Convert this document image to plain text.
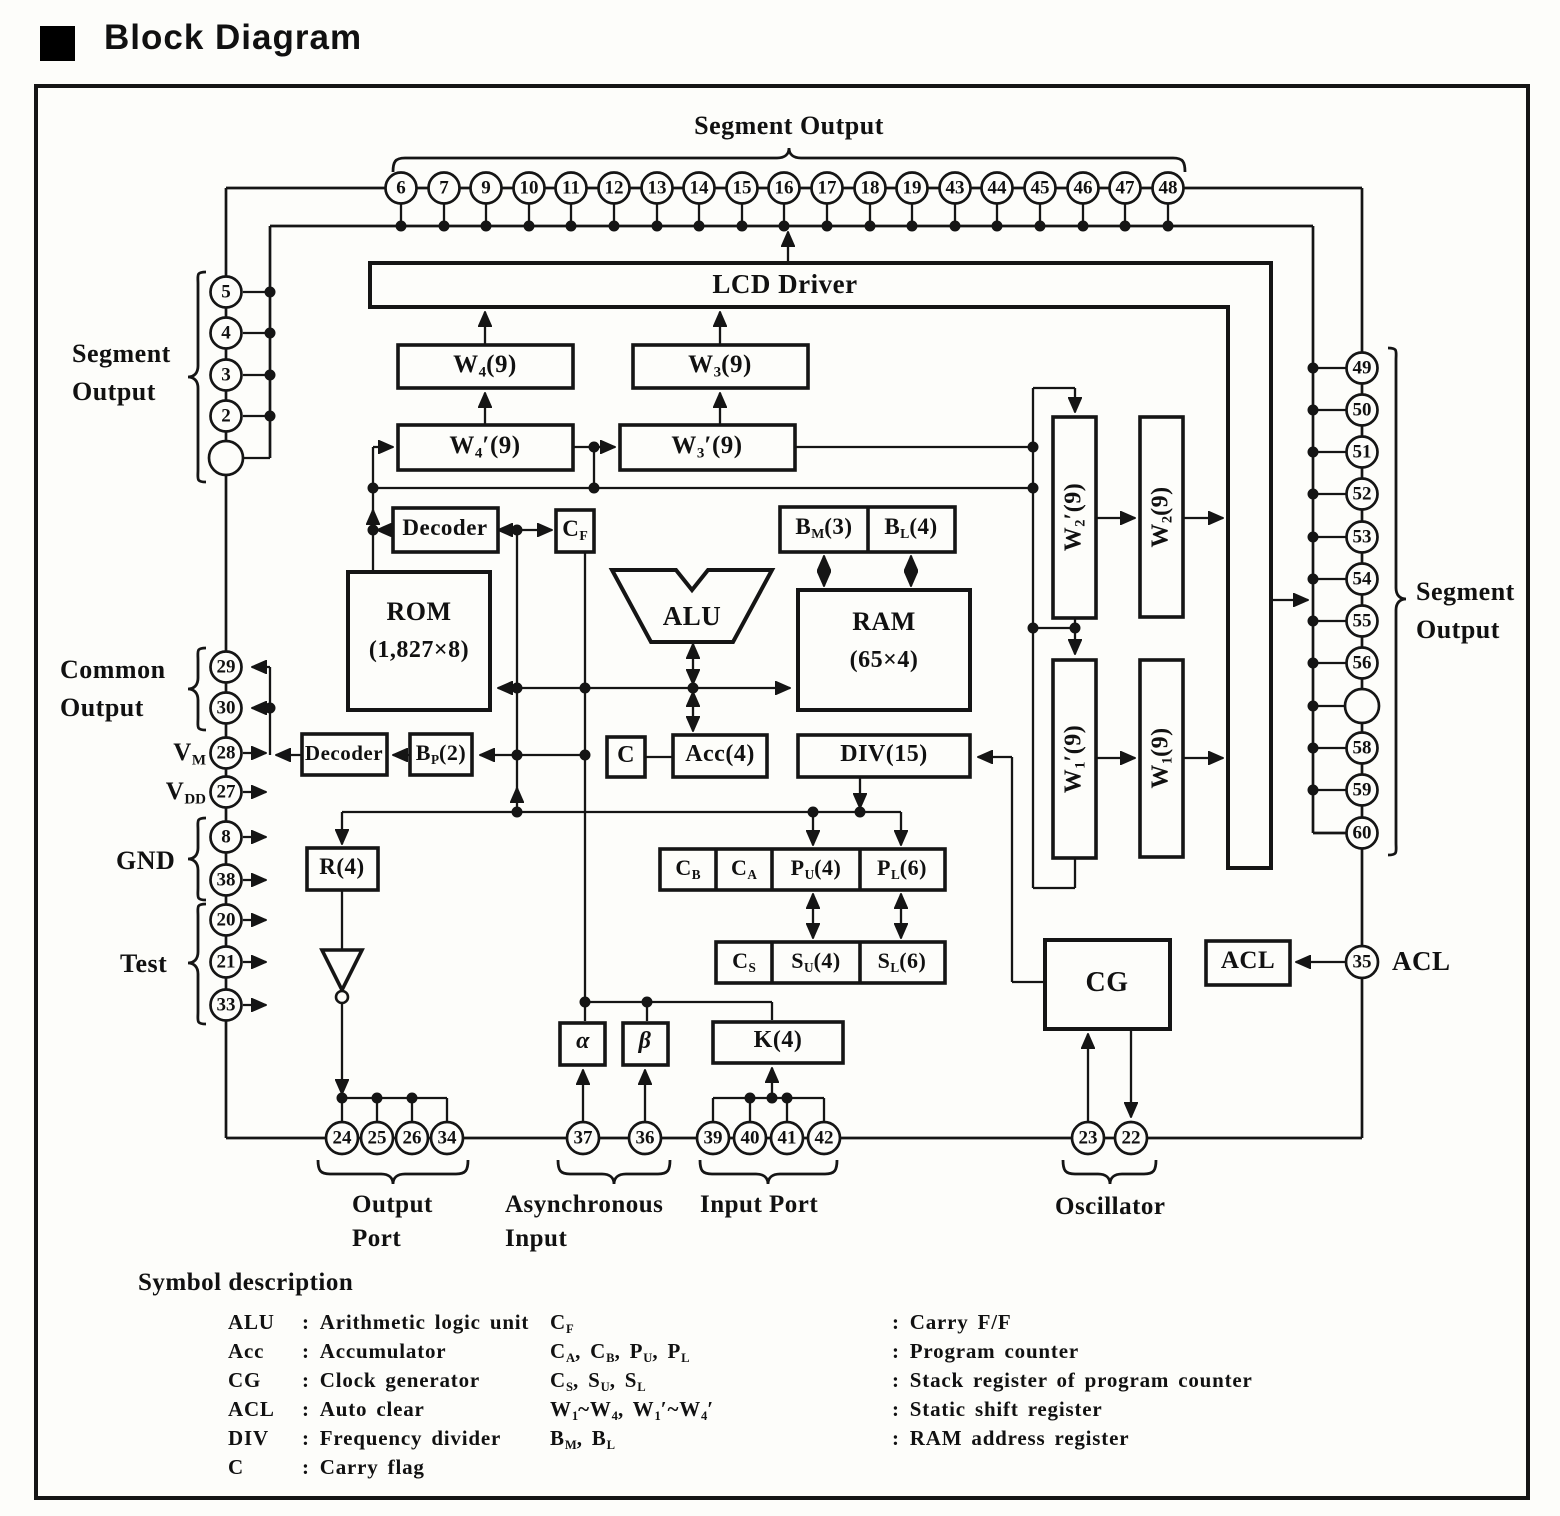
6 7 9 10 11 12 13 14 15 16 17 18 19 43 44 45 46 47 48
5
4
3
2
29
30
28
27
8
38
20
21
33
49
50
51
52
53
54
55
56
58
59
60
35
24 25 26 34	37 36	39 40 41 42	23 22
Block Diagram
Segment Output
Segment
Output
Common
Output
$V_M$
$V_{DD}$
GND
Test
Segment
Output
ACL
Output
Port
Asynchronous
Input
Input Port	Oscillator
LCD Driver
$W_4(9)$	$W_3(9)$
$W_4'(9)$	$W_3'(9)$
Decoder	$C_F$	$B_M(3)$ $B_L(4)$
ROM
(1,827×8)
ALU	RAM
(65×4)
Decoder $B_P(2)$	C Acc(4)	DIV(15)
R(4)	$C_B$ $C_A$ $P_U(4)$ $P_L(6)$
$C_S$ $S_U(4)$ $S_L(6)$
α β	K(4)
CG
ACL
$W_2'(9)$
$W_2(9)$
$W_1'(9)$
$W_1(9)$
Symbol description
ALU	: Arithmetic logic unit
Acc	: Accumulator
CG	: Clock generator
ACL	: Auto clear
DIV	: Frequency divider
C	: Carry flag
$C_F$	: Carry F/F
$C_A$, $C_B$, $P_U$, $P_L$	: Program counter
$C_S$, $S_U$, $S_L$	: Stack register of program counter
$W_1\sim W_4$, $W_1'\sim W_4'$	: Static shift register
$B_M$, $B_L$	: RAM address register
